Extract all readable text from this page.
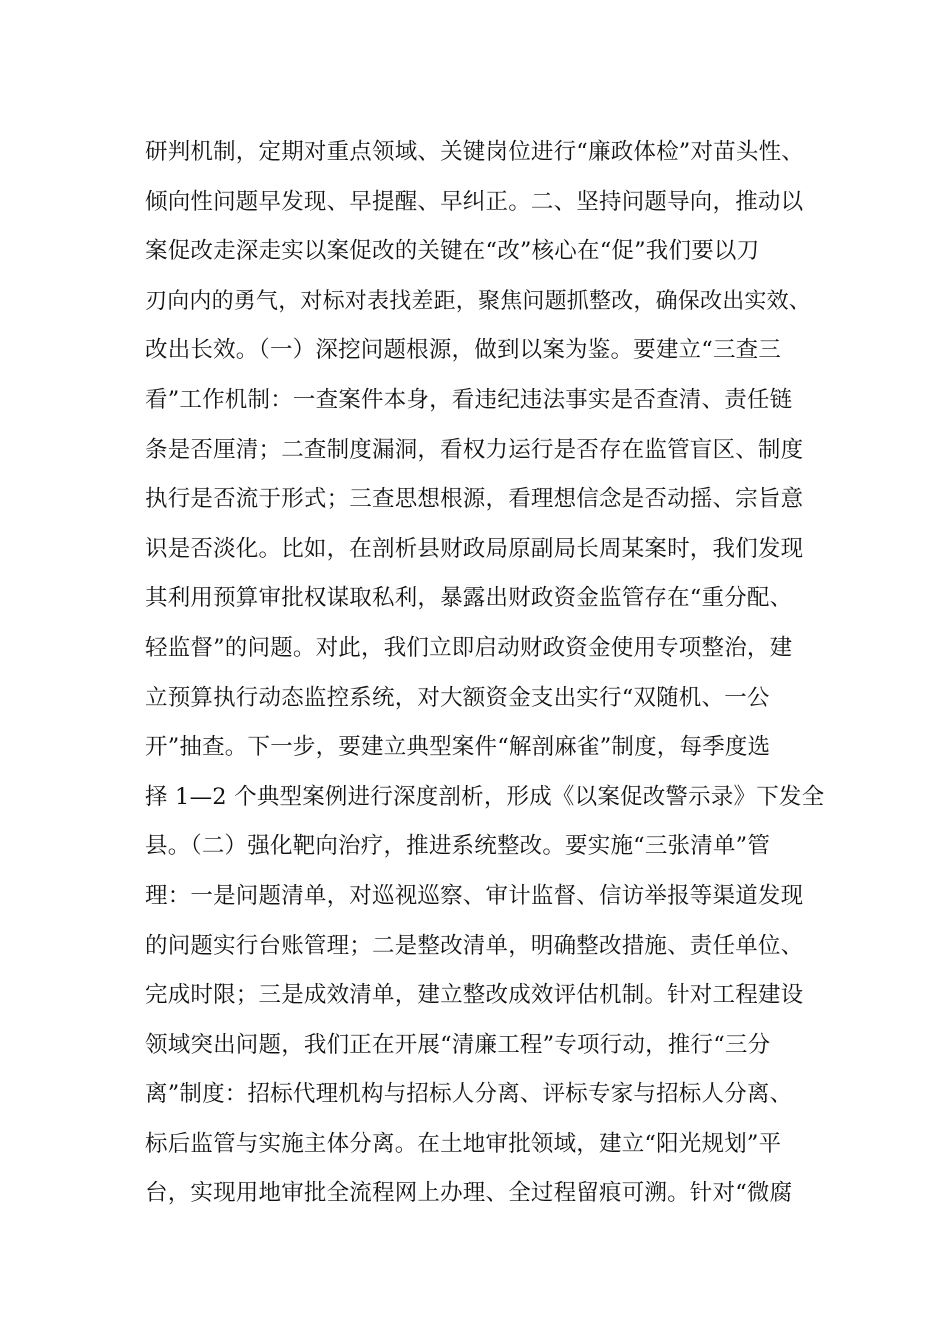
研判机制，定期对重点领域、关键岗位进行“廉政体检”对苗头性、
倾向性问题早发现、早提醒、早纠正。二、坚持问题导向，推动以
案促改走深走实以案促改的关键在“改”核心在“促”我们要以刀
刃向内的勇气，对标对表找差距，聚焦问题抓整改，确保改出实效、
改出长效。（一）深挖问题根源，做到以案为鉴。要建立“三查三
看”工作机制：一查案件本身，看违纪违法事实是否查清、责任链
条是否厘清；二查制度漏洞，看权力运行是否存在监管盲区、制度
执行是否流于形式；三查思想根源，看理想信念是否动摇、宗旨意
识是否淡化。比如，在剖析县财政局原副局长周某案时，我们发现
其利用预算审批权谋取私利，暴露出财政资金监管存在“重分配、
轻监督”的问题。对此，我们立即启动财政资金使用专项整治，建
立预算执行动态监控系统，对大额资金支出实行“双随机、一公
开”抽查。下一步，要建立典型案件“解剖麻雀”制度，每季度选
择 1—2 个典型案例进行深度剖析，形成《以案促改警示录》下发全
县。（二）强化靶向治疗，推进系统整改。要实施“三张清单”管
理：一是问题清单，对巡视巡察、审计监督、信访举报等渠道发现
的问题实行台账管理；二是整改清单，明确整改措施、责任单位、
完成时限；三是成效清单，建立整改成效评估机制。针对工程建设
领域突出问题，我们正在开展“清廉工程”专项行动，推行“三分
离”制度：招标代理机构与招标人分离、评标专家与招标人分离、
标后监管与实施主体分离。在土地审批领域，建立“阳光规划”平
台，实现用地审批全流程网上办理、全过程留痕可溯。针对“微腐
